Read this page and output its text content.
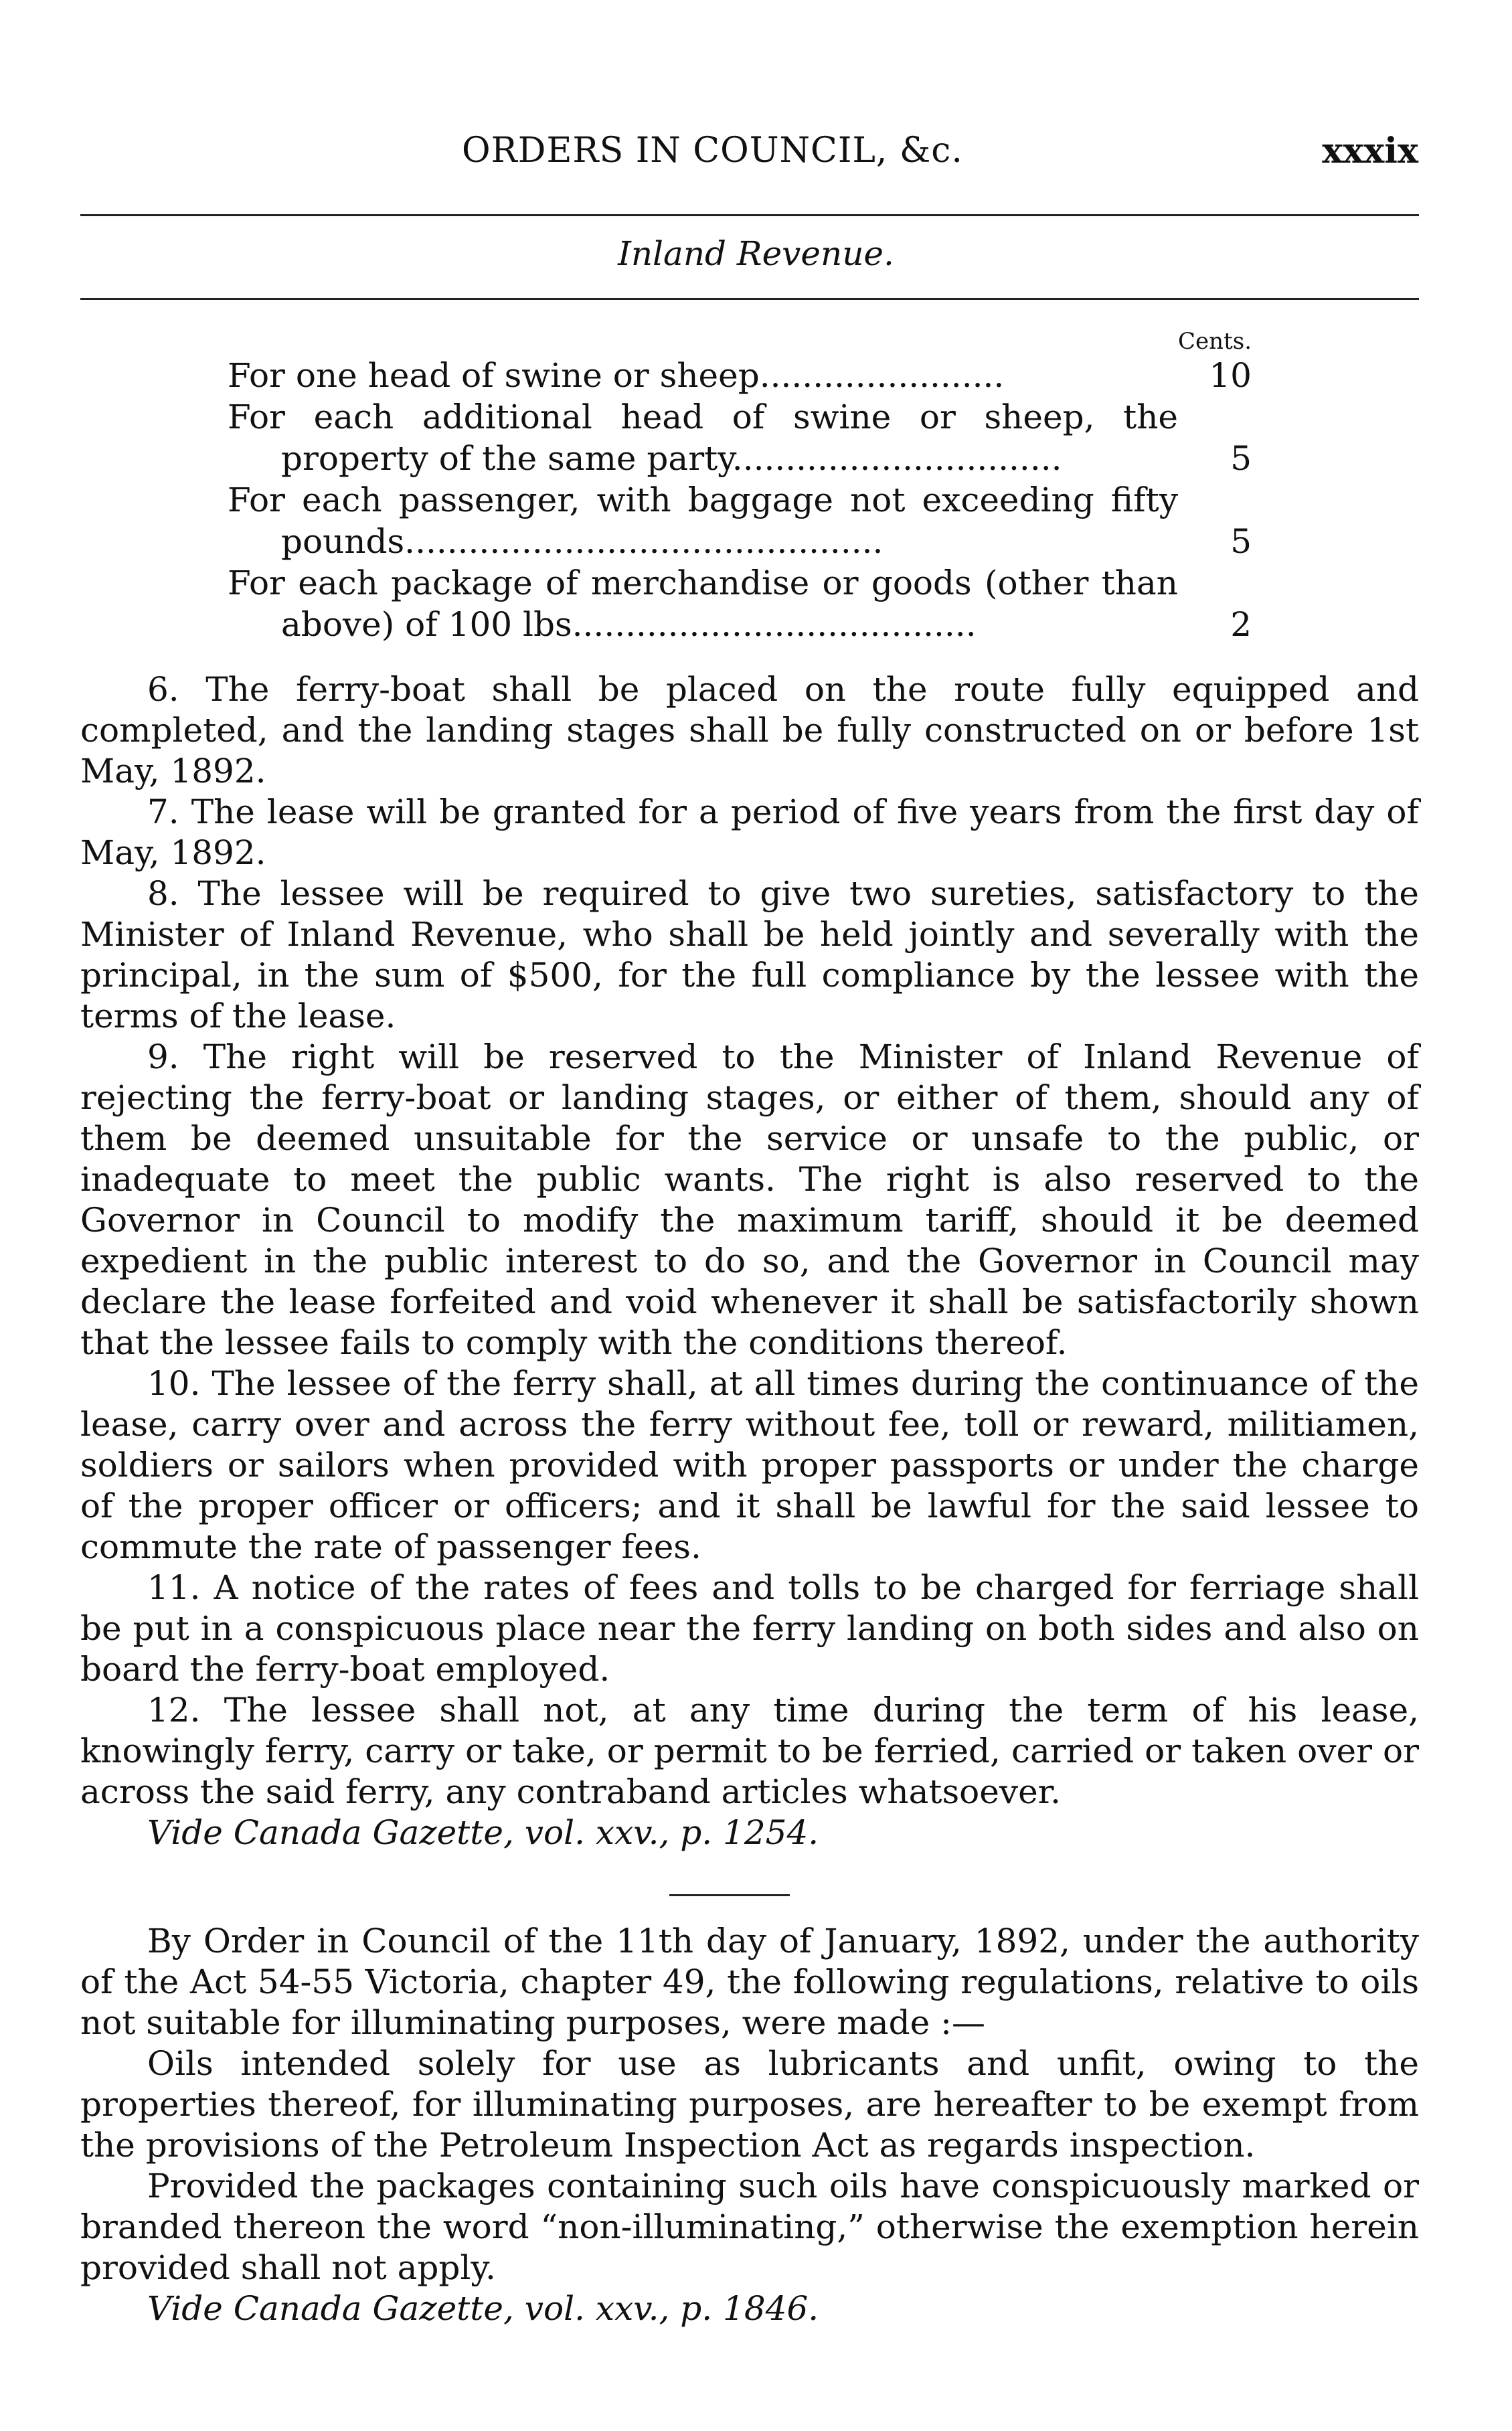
ORDERS IN COUNCIL, &c.	xxxix
Inland Revenue.
Cents.
For one head of swine or sheep.......................	10
For each additional head of swine or sheep, the property of the same party...............................	5
For each passenger, with baggage not exceeding fifty pounds.............................................	5
For each package of merchandise or goods (other than above) of 100 lbs......................................	2

6. The ferry-boat shall be placed on the route fully equipped and completed, and the landing stages shall be fully constructed on or before 1st May, 1892.

7. The lease will be granted for a period of five years from the first day of May, 1892.

8. The lessee will be required to give two sureties, satisfactory to the Minister of Inland Revenue, who shall be held jointly and severally with the principal, in the sum of $500, for the full compliance by the lessee with the terms of the lease.

9. The right will be reserved to the Minister of Inland Revenue of rejecting the ferry-boat or landing stages, or either of them, should any of them be deemed unsuitable for the service or unsafe to the public, or inadequate to meet the public wants. The right is also reserved to the Governor in Council to modify the maximum tariff, should it be deemed expedient in the public interest to do so, and the Governor in Council may declare the lease forfeited and void whenever it shall be satisfactorily shown that the lessee fails to comply with the conditions thereof.

10. The lessee of the ferry shall, at all times during the continuance of the lease, carry over and across the ferry without fee, toll or reward, militiamen, soldiers or sailors when provided with proper passports or under the charge of the proper officer or officers; and it shall be lawful for the said lessee to commute the rate of passenger fees.

11. A notice of the rates of fees and tolls to be charged for ferriage shall be put in a conspicuous place near the ferry landing on both sides and also on board the ferry-boat employed.

12. The lessee shall not, at any time during the term of his lease, knowingly ferry, carry or take, or permit to be ferried, carried or taken over or across the said ferry, any contraband articles whatsoever.

Vide Canada Gazette, vol. xxv., p. 1254.

By Order in Council of the 11th day of January, 1892, under the authority of the Act 54-55 Victoria, chapter 49, the following regulations, relative to oils not suitable for illuminating purposes, were made :—

Oils intended solely for use as lubricants and unfit, owing to the properties thereof, for illuminating purposes, are hereafter to be exempt from the provisions of the Petroleum Inspection Act as regards inspection.

Provided the packages containing such oils have conspicuously marked or branded thereon the word “non-illuminating,” otherwise the exemption herein provided shall not apply.

Vide Canada Gazette, vol. xxv., p. 1846.
